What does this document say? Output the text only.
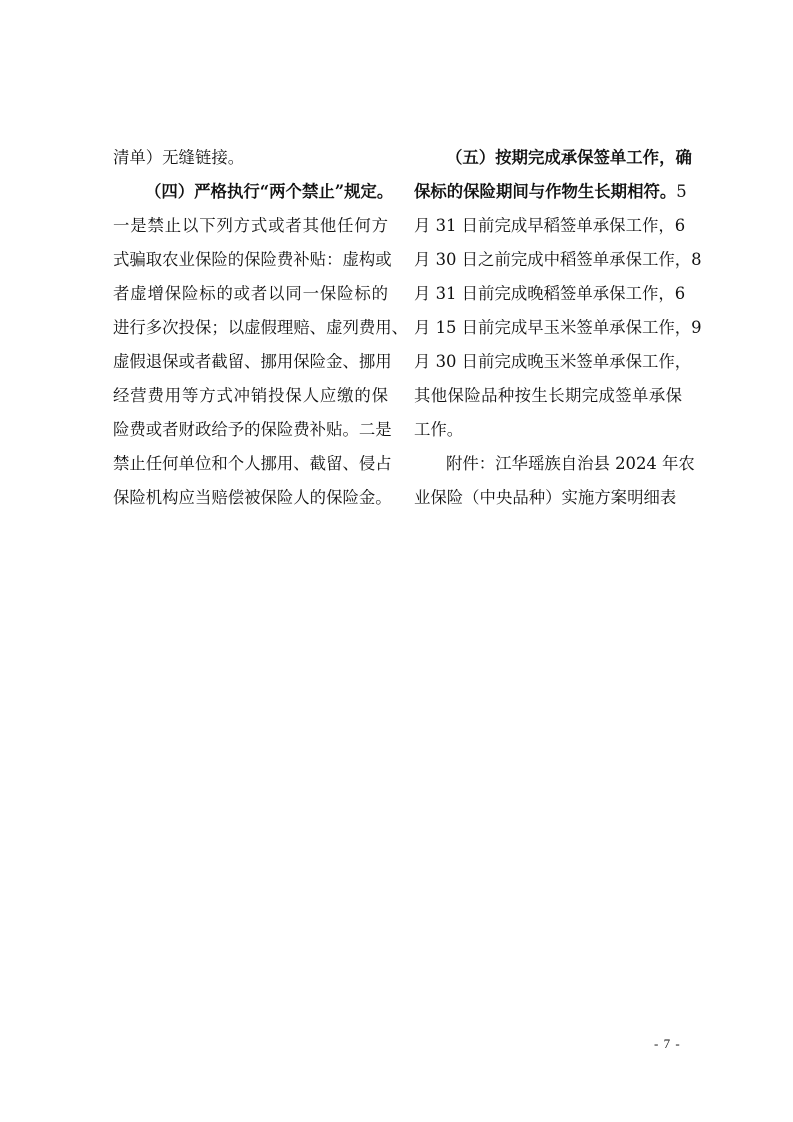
清单）无缝链接。
（四）严格执行“两个禁止”规定。
一是禁止以下列方式或者其他任何方
式骗取农业保险的保险费补贴：虚构或
者虚增保险标的或者以同一保险标的
进行多次投保；以虚假理赔、虚列费用、
虚假退保或者截留、挪用保险金、挪用
经营费用等方式冲销投保人应缴的保
险费或者财政给予的保险费补贴。二是
禁止任何单位和个人挪用、截留、侵占
保险机构应当赔偿被保险人的保险金。
（五）按期完成承保签单工作，确
保标的保险期间与作物生长期相符。5
月 31 日前完成早稻签单承保工作，6
月 30 日之前完成中稻签单承保工作，8
月 31 日前完成晚稻签单承保工作，6
月 15 日前完成早玉米签单承保工作，9
月 30 日前完成晚玉米签单承保工作，
其他保险品种按生长期完成签单承保
工作。
附件：江华瑶族自治县 2024 年农
业保险（中央品种）实施方案明细表
- 7 -
